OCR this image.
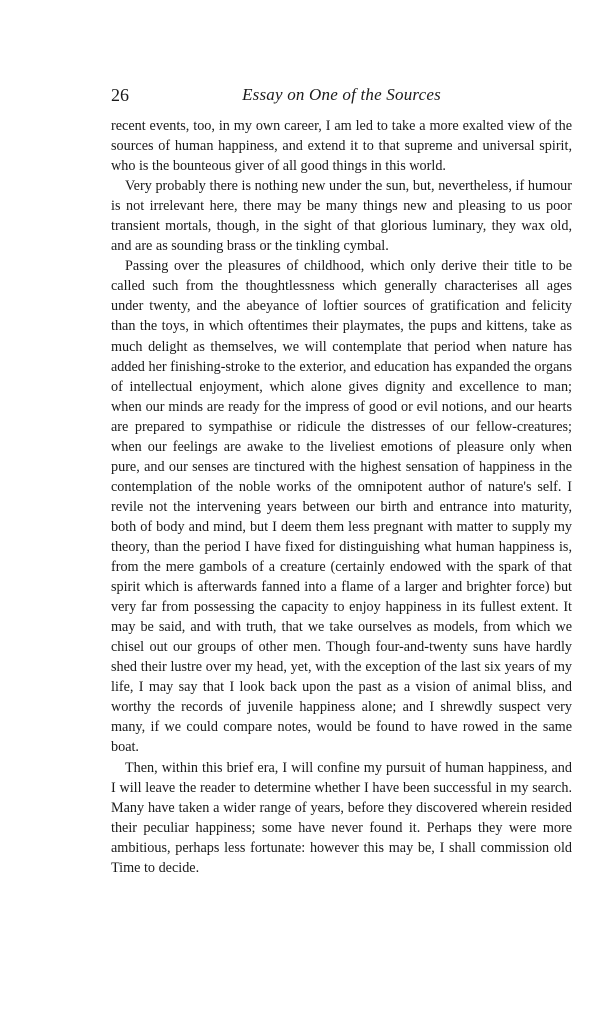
26	Essay on One of the Sources

recent events, too, in my own career, I am led to take a more exalted view of the sources of human happiness, and extend it to that supreme and universal spirit, who is the bounteous giver of all good things in this world.

Very probably there is nothing new under the sun, but, nevertheless, if humour is not irrelevant here, there may be many things new and pleasing to us poor transient mortals, though, in the sight of that glorious luminary, they wax old, and are as sounding brass or the tinkling cymbal.

Passing over the pleasures of childhood, which only derive their title to be called such from the thoughtlessness which generally characterises all ages under twenty, and the abeyance of loftier sources of gratification and felicity than the toys, in which oftentimes their playmates, the pups and kittens, take as much delight as themselves, we will contemplate that period when nature has added her finishing-stroke to the exterior, and education has expanded the organs of intellectual enjoyment, which alone gives dignity and excellence to man; when our minds are ready for the impress of good or evil notions, and our hearts are prepared to sympathise or ridicule the distresses of our fellow-creatures; when our feelings are awake to the liveliest emotions of pleasure only when pure, and our senses are tinctured with the highest sensation of happiness in the contemplation of the noble works of the omnipotent author of nature's self. I revile not the intervening years between our birth and entrance into maturity, both of body and mind, but I deem them less pregnant with matter to supply my theory, than the period I have fixed for distinguishing what human happiness is, from the mere gambols of a creature (certainly endowed with the spark of that spirit which is afterwards fanned into a flame of a larger and brighter force) but very far from possessing the capacity to enjoy happiness in its fullest extent. It may be said, and with truth, that we take ourselves as models, from which we chisel out our groups of other men. Though four-and-twenty suns have hardly shed their lustre over my head, yet, with the exception of the last six years of my life, I may say that I look back upon the past as a vision of animal bliss, and worthy the records of juvenile happiness alone; and I shrewdly suspect very many, if we could compare notes, would be found to have rowed in the same boat.

Then, within this brief era, I will confine my pursuit of human happiness, and I will leave the reader to determine whether I have been successful in my search. Many have taken a wider range of years, before they discovered wherein resided their peculiar happiness; some have never found it. Perhaps they were more ambitious, perhaps less fortunate: however this may be, I shall commission old Time to decide.
